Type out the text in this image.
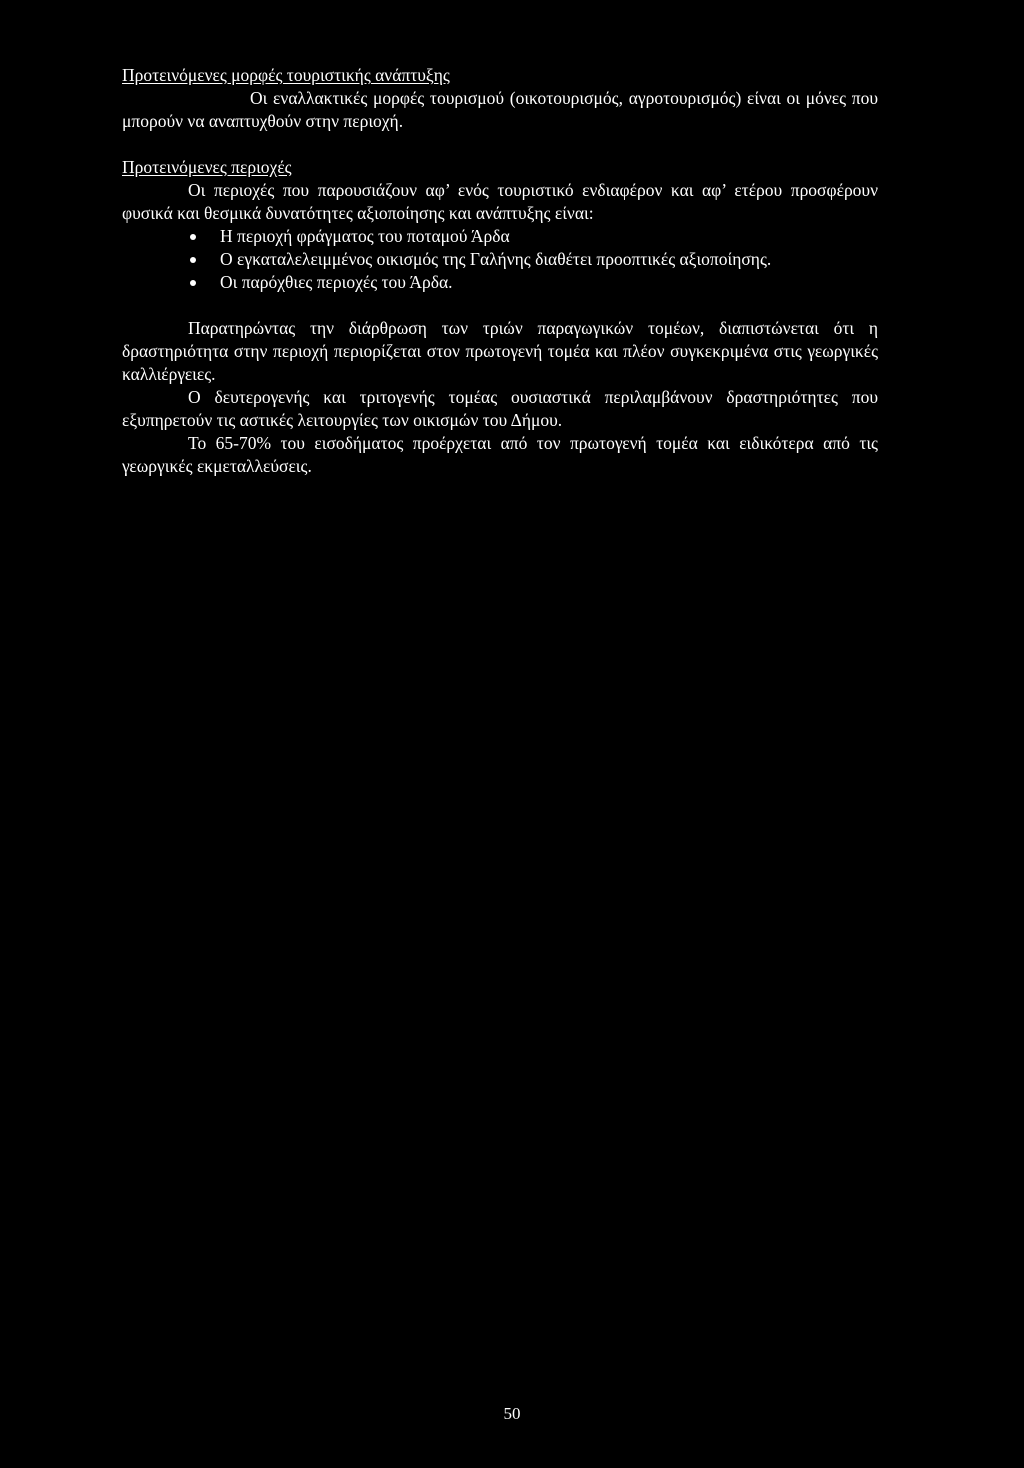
Προτεινόμενες μορφές τουριστικής ανάπτυξης

Οι εναλλακτικές μορφές τουρισμού (οικοτουρισμός, αγροτουρισμός) είναι οι μόνες που μπορούν να αναπτυχθούν στην περιοχή.

Προτεινόμενες περιοχές

Οι περιοχές που παρουσιάζουν αφ’ ενός τουριστικό ενδιαφέρον και αφ’ ετέρου προσφέρουν φυσικά και θεσμικά δυνατότητες αξιοποίησης και ανάπτυξης είναι:

Η περιοχή φράγματος του ποταμού Άρδα
Ο εγκαταλελειμμένος οικισμός της Γαλήνης διαθέτει προοπτικές αξιοποίησης.
Οι παρόχθιες περιοχές του Άρδα.

Παρατηρώντας την διάρθρωση των τριών παραγωγικών τομέων, διαπιστώνεται ότι η δραστηριότητα στην περιοχή περιορίζεται στον πρωτογενή τομέα και πλέον συγκεκριμένα στις γεωργικές καλλιέργειες.

Ο δευτερογενής και τριτογενής τομέας ουσιαστικά περιλαμβάνουν δραστηριότητες που εξυπηρετούν τις αστικές λειτουργίες των οικισμών του Δήμου.

Το 65-70% του εισοδήματος προέρχεται από τον πρωτογενή τομέα και ειδικότερα από τις γεωργικές εκμεταλλεύσεις.

50
